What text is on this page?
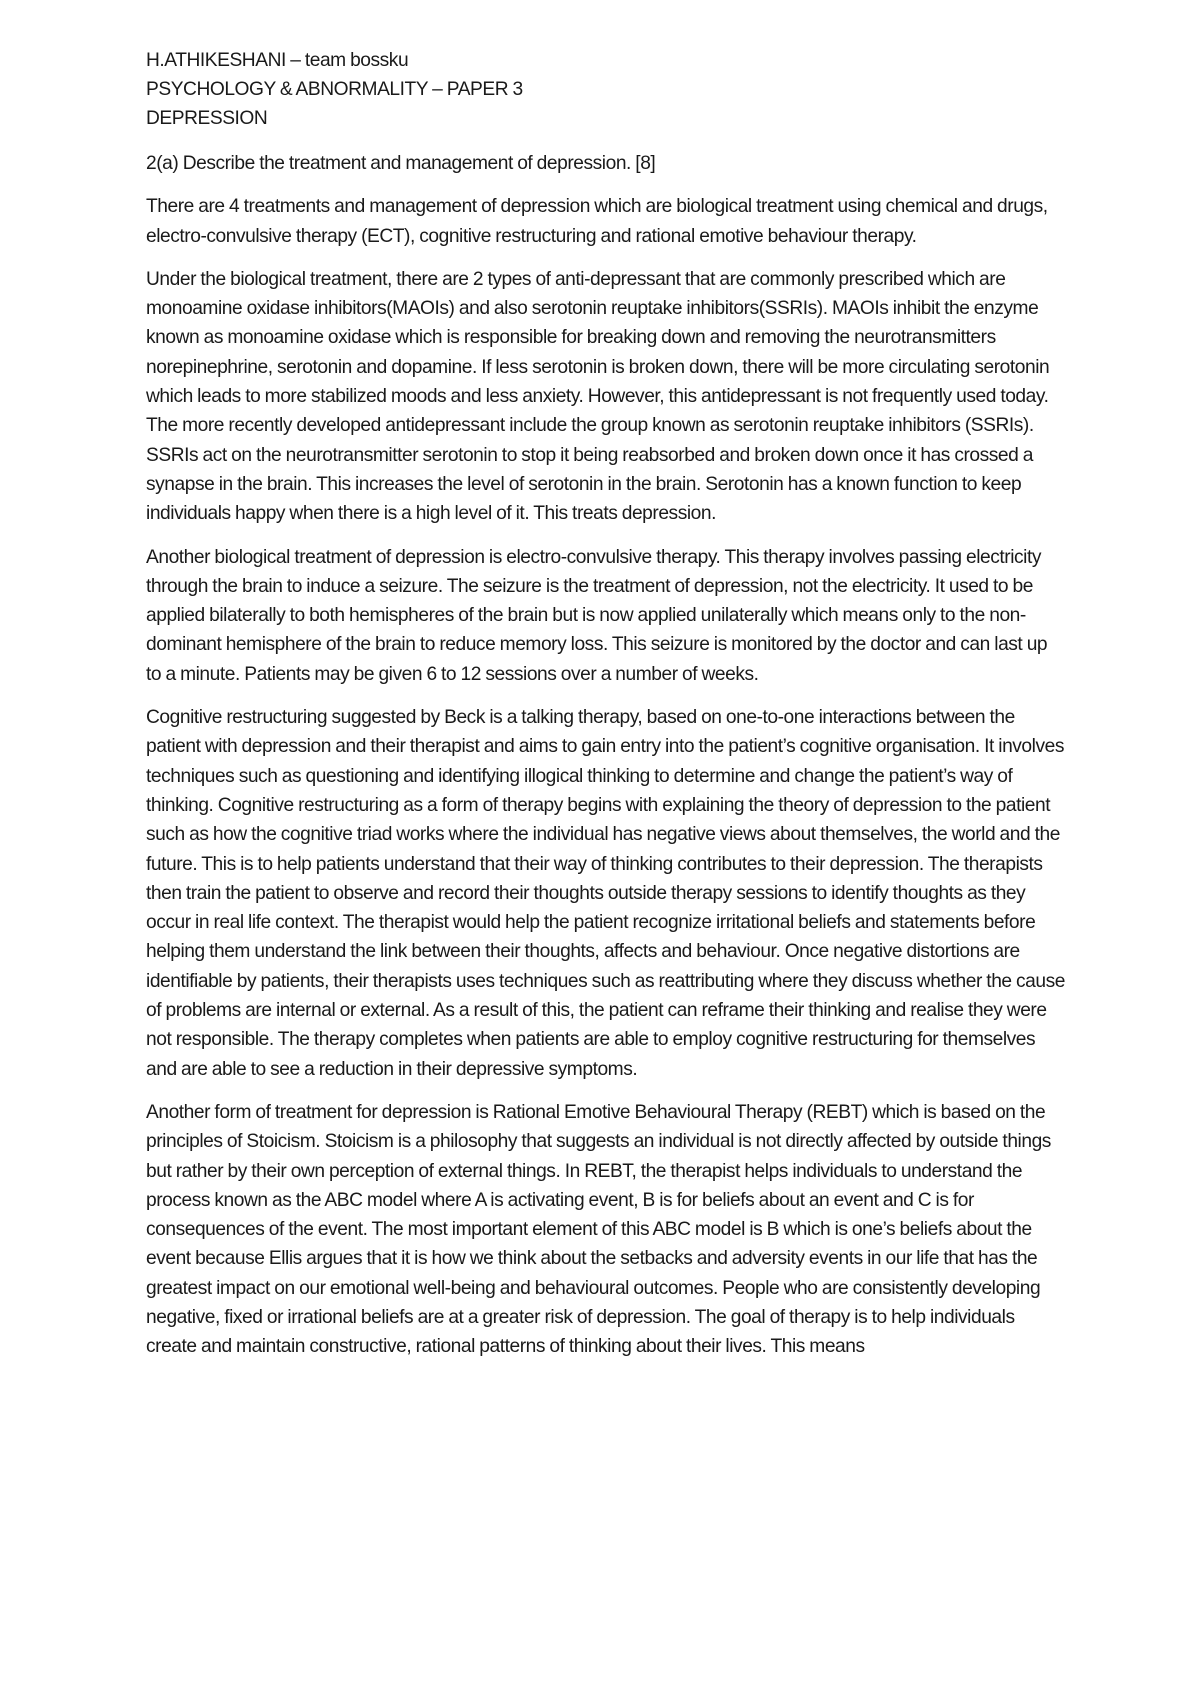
H.ATHIKESHANI – team bossku

PSYCHOLOGY & ABNORMALITY – PAPER 3

DEPRESSION

2(a) Describe the treatment and management of depression. [8]

There are 4 treatments and management of depression which are biological treatment using chemical and drugs, electro-convulsive therapy (ECT), cognitive restructuring and rational emotive behaviour therapy.

Under the biological treatment, there are 2 types of anti-depressant that are commonly prescribed which are monoamine oxidase inhibitors(MAOIs) and also serotonin reuptake inhibitors(SSRIs). MAOIs inhibit the enzyme known as monoamine oxidase which is responsible for breaking down and removing the neurotransmitters norepinephrine, serotonin and dopamine. If less serotonin is broken down, there will be more circulating serotonin which leads to more stabilized moods and less anxiety. However, this antidepressant is not frequently used today. The more recently developed antidepressant include the group known as serotonin reuptake inhibitors (SSRIs). SSRIs act on the neurotransmitter serotonin to stop it being reabsorbed and broken down once it has crossed a synapse in the brain. This increases the level of serotonin in the brain. Serotonin has a known function to keep individuals happy when there is a high level of it. This treats depression.

Another biological treatment of depression is electro-convulsive therapy. This therapy involves passing electricity through the brain to induce a seizure. The seizure is the treatment of depression, not the electricity. It used to be applied bilaterally to both hemispheres of the brain but is now applied unilaterally which means only to the non-dominant hemisphere of the brain to reduce memory loss. This seizure is monitored by the doctor and can last up to a minute. Patients may be given 6 to 12 sessions over a number of weeks.

Cognitive restructuring suggested by Beck is a talking therapy, based on one-to-one interactions between the patient with depression and their therapist and aims to gain entry into the patient’s cognitive organisation. It involves techniques such as questioning and identifying illogical thinking to determine and change the patient’s way of thinking. Cognitive restructuring as a form of therapy begins with explaining the theory of depression to the patient such as how the cognitive triad works where the individual has negative views about themselves, the world and the future. This is to help patients understand that their way of thinking contributes to their depression. The therapists then train the patient to observe and record their thoughts outside therapy sessions to identify thoughts as they occur in real life context. The therapist would help the patient recognize irritational beliefs and statements before helping them understand the link between their thoughts, affects and behaviour. Once negative distortions are identifiable by patients, their therapists uses techniques such as reattributing where they discuss whether the cause of problems are internal or external. As a result of this, the patient can reframe their thinking and realise they were not responsible. The therapy completes when patients are able to employ cognitive restructuring for themselves and are able to see a reduction in their depressive symptoms.

Another form of treatment for depression is Rational Emotive Behavioural Therapy (REBT) which is based on the principles of Stoicism. Stoicism is a philosophy that suggests an individual is not directly affected by outside things but rather by their own perception of external things. In REBT, the therapist helps individuals to understand the process known as the ABC model where A is activating event, B is for beliefs about an event and C is for consequences of the event. The most important element of this ABC model is B which is one’s beliefs about the event because Ellis argues that it is how we think about the setbacks and adversity events in our life that has the greatest impact on our emotional well-being and behavioural outcomes. People who are consistently developing negative, fixed or irrational beliefs are at a greater risk of depression. The goal of therapy is to help individuals create and maintain constructive, rational patterns of thinking about their lives. This means
